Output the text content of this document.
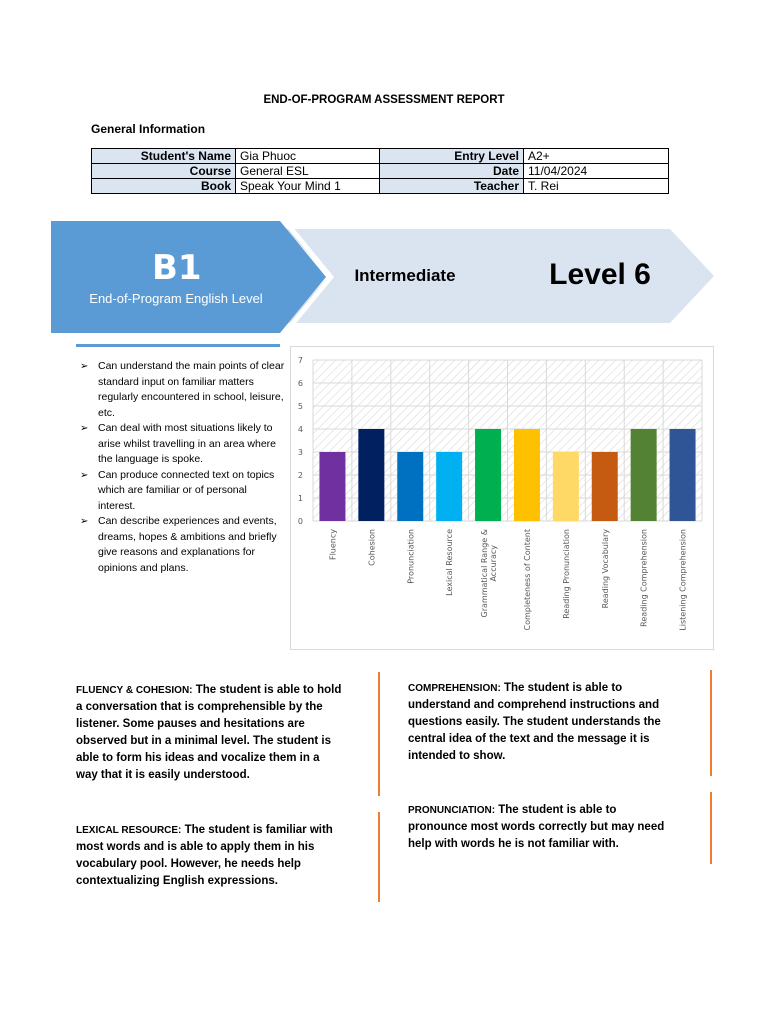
END-OF-PROGRAM ASSESSMENT REPORT
General Information
Student's Name	Gia Phuoc	Entry Level	A2+
Course	General ESL	Date	11/04/2024
Book	Speak Your Mind 1	Teacher	T. Rei
B1
End-of-Program English Level
Intermediate	Level 6
➢ Can understand the main points of clear standard input on familiar matters regularly encountered in school, leisure, etc.
➢ Can deal with most situations likely to arise whilst travelling in an area where the language is spoke.
➢ Can produce connected text on topics which are familiar or of personal interest.
➢ Can describe experiences and events, dreams, hopes & ambitions and briefly give reasons and explanations for opinions and plans.
0
1
2
3
4
5
6
7
Fluency	Cohesion	Pronunciation	Lexical Resource	Grammatical Range &Accuracy	Completeness of Content	Reading Pronunciation	Reading Vocabulary	Reading Comprehension	Listening Comprehension
FLUENCY & COHESION: The student is able to hold
a conversation that is comprehensible by the
listener. Some pauses and hesitations are
observed but in a minimal level. The student is
able to form his ideas and vocalize them in a
way that it is easily understood.
LEXICAL RESOURCE: The student is familiar with
most words and is able to apply them in his
vocabulary pool. However, he needs help
contextualizing English expressions.
COMPREHENSION: The student is able to
understand and comprehend instructions and
questions easily. The student understands the
central idea of the text and the message it is
intended to show.
PRONUNCIATION: The student is able to
pronounce most words correctly but may need
help with words he is not familiar with.
